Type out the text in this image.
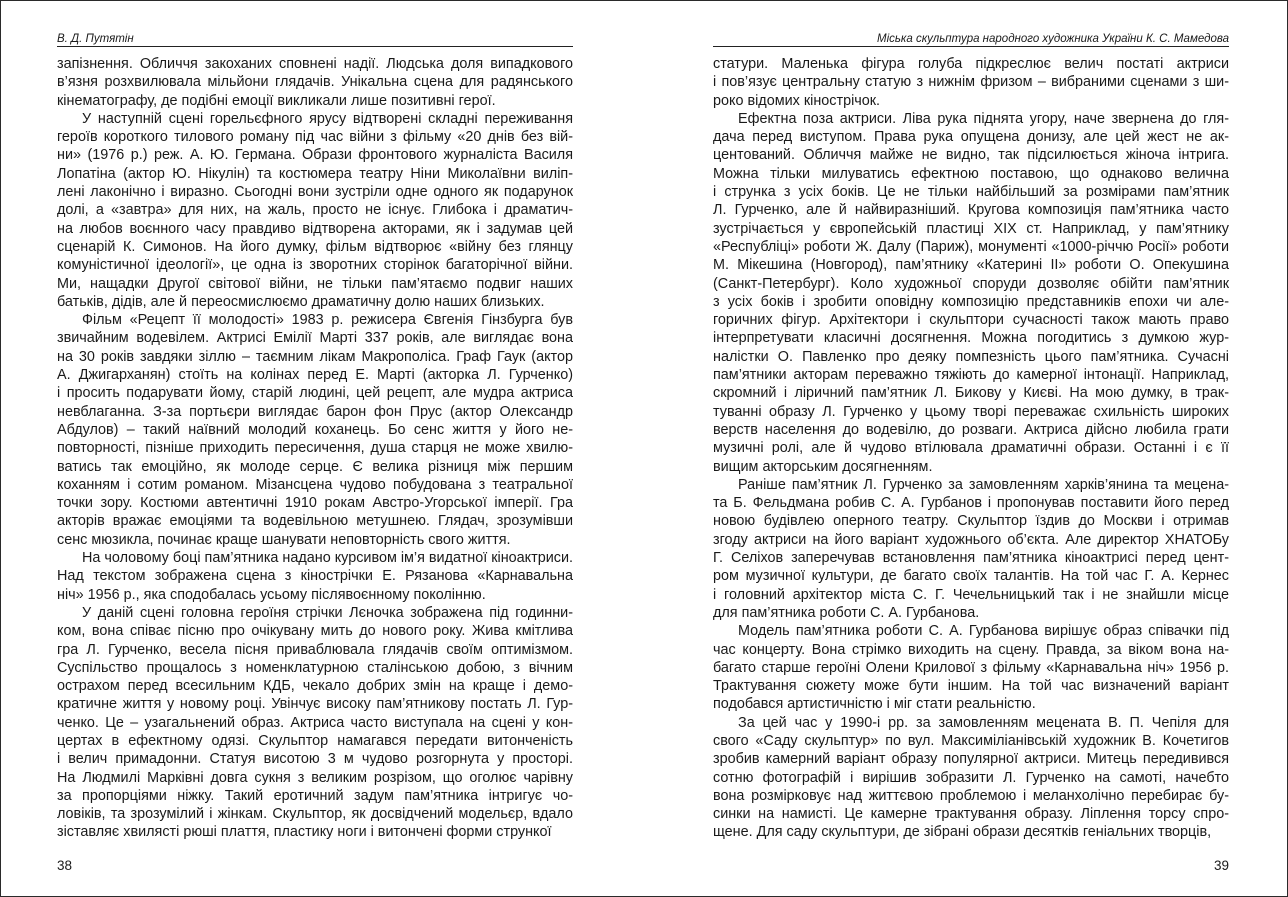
В. Д. Путятін

запізнення. Обличчя закоханих сповнені надії. Людська доля випадкового
в’язня розхвилювала мільйони глядачів. Унікальна сцена для радянського
кінематографу, де подібні емоції викликали лише позитивні герої.

У наступній сцені горельєфного ярусу відтворені складні переживання
героїв короткого тилового роману під час війни з фільму «20 днів без вій-
ни» (1976 р.) реж. А. Ю. Германа. Образи фронтового журналіста Василя
Лопатіна (актор Ю. Нікулін) та костюмера театру Ніни Миколаївни виліп-
лені лаконічно і виразно. Сьогодні вони зустріли одне одного як подарунок
долі, а «завтра» для них, на жаль, просто не існує. Глибока і драматич-
на любов воєнного часу правдиво відтворена акторами, як і задумав цей
сценарій К. Симонов. На його думку, фільм відтворює «війну без глянцу
комуністичної ідеології», це одна із зворотних сторінок багаторічної війни.
Ми, нащадки Другої світової війни, не тільки пам’ятаємо подвиг наших
батьків, дідів, але й переосмислюємо драматичну долю наших близьких.

Фільм «Рецепт її молодості» 1983 р. режисера Євгенія Гінзбурга був
звичайним водевілем. Актрисі Емілії Марті 337 років, але виглядає вона
на 30 років завдяки зіллю – таємним лікам Макрополіса. Граф Гаук (актор
А. Джигарханян) стоїть на колінах перед Е. Марті (акторка Л. Гурченко)
і просить подарувати йому, старій людині, цей рецепт, але мудра актриса
невблаганна. З-за портьєри виглядає барон фон Прус (актор Олександр
Абдулов) – такий наївний молодий коханець. Бо сенс життя у його не-
повторності, пізніше приходить пересичення, душа старця не може хвилю-
ватись так емоційно, як молоде серце. Є велика різниця між першим
коханням і сотим романом. Мізансцена чудово побудована з театральної
точки зору. Костюми автентичні 1910 рокам Австро-Угорської імперії. Гра
акторів вражає емоціями та водевільною метушнею. Глядач, зрозумівши
сенс мюзикла, починає краще шанувати неповторність свого життя.

На чоловому боці пам’ятника надано курсивом ім’я видатної кіноактриси.
Над текстом зображена сцена з кінострічки Е. Рязанова «Карнавальна
ніч» 1956 р., яка сподобалась усьому післявоєнному поколінню.

У даній сцені головна героїня стрічки Лєночка зображена під годинни-
ком, вона співає пісню про очікувану мить до нового року. Жива кмітлива
гра Л. Гурченко, весела пісня приваблювала глядачів своїм оптимізмом.
Суспільство прощалось з номенклатурною сталінською добою, з вічним
острахом перед всесильним КДБ, чекало добрих змін на краще і демо-
кратичне життя у новому році. Увінчує високу пам’ятникову постать Л. Гур-
ченко. Це – узагальнений образ. Актриса часто виступала на сцені у кон-
цертах в ефектному одязі. Скульптор намагався передати витонченість
і велич примадонни. Статуя висотою 3 м чудово розгорнута у просторі.
На Людмилі Марківні довга сукня з великим розрізом, що оголює чарівну
за пропорціями ніжку. Такий еротичний задум пам’ятника інтригує чо-
ловіків, та зрозумілий і жінкам. Скульптор, як досвідчений модельєр, вдало
зіставляє хвилясті рюші плаття, пластику ноги і витончені форми стрункої

38
Міська скульптура народного художника України К. С. Мамедова

статури. Маленька фігура голуба підкреслює велич постаті актриси
і пов’язує центральну статую з нижнім фризом – вибраними сценами з ши-
роко відомих кінострічок.

Ефектна поза актриси. Ліва рука піднята угору, наче звернена до гля-
дача перед виступом. Права рука опущена донизу, але цей жест не ак-
центований. Обличчя майже не видно, так підсилюється жіноча інтрига.
Можна тільки милуватись ефектною поставою, що однаково величнa
і струнка з усіх боків. Це не тільки найбільший за розмірами пам’ятник
Л. Гурченко, але й найвиразніший. Кругова композиція пам’ятника часто
зустрічається у європейській пластиці XIX ст. Наприклад, у пам’ятнику
«Республіці» роботи Ж. Далу (Париж), монументі «1000-річчю Росії» роботи
М. Мікешина (Новгород), пам’ятнику «Катерині ІІ» роботи О. Опекушина
(Санкт-Петербург). Коло художньої споруди дозволяє обійти пам’ятник
з усіх боків і зробити оповідну композицію представників епохи чи але-
горичних фігур. Архітектори і скульптори сучасності також мають право
інтерпретувати класичні досягнення. Можна погодитись з думкою жур-
налістки О. Павленко про деяку помпезність цього пам’ятника. Сучасні
пам’ятники акторам переважно тяжіють до камерної інтонації. Наприклад,
скромний і ліричний пам’ятник Л. Бикову у Києві. На мою думку, в трак-
туванні образу Л. Гурченко у цьому творі переважає схильність широких
верств населення до водевілю, до розваги. Актриса дійсно любила грати
музичні ролі, але й чудово втілювала драматичні образи. Останні і є її
вищим акторським досягненням.

Раніше пам’ятник Л. Гурченко за замовленням харків’янина та мецена-
та Б. Фельдмана робив С. А. Гурбанов і пропонував поставити його перед
новою будівлею оперного театру. Скульптор їздив до Москви і отримав
згоду актриси на його варіант художнього об’єкта. Але директор ХНАТОБу
Г. Селіхов заперечував встановлення пам’ятника кіноактрисі перед цент-
ром музичної культури, де багато своїх талантів. На той час Г. А. Кернес
і головний архітектор міста С. Г. Чечельницький так і не знайшли місце
для пам’ятника роботи С. А. Гурбанова.

Модель пам’ятника роботи С. А. Гурбанова вирішує образ співачки під
час концерту. Вона стрімко виходить на сцену. Правда, за віком вона на-
багато старше героїні Олени Крилової з фільму «Карнавальна ніч» 1956 р.
Трактування сюжету може бути іншим. На той час визначений варіант
подобався артистичністю і міг стати реальністю.

За цей час у 1990-і рр. за замовленням мецената В. П. Чепіля для
свого «Саду скульптур» по вул. Максиміліанівській художник В. Кочетигов
зробив камерний варіант образу популярної актриси. Митець передивився
сотню фотографій і вирішив зобразити Л. Гурченко на самоті, начебто
вона розмірковує над життєвою проблемою і меланхолічно перебирає бу-
синки на намисті. Це камерне трактування образу. Ліплення торсу спро-
щене. Для саду скульптури, де зібрані образи десятків геніальних творців,

39
